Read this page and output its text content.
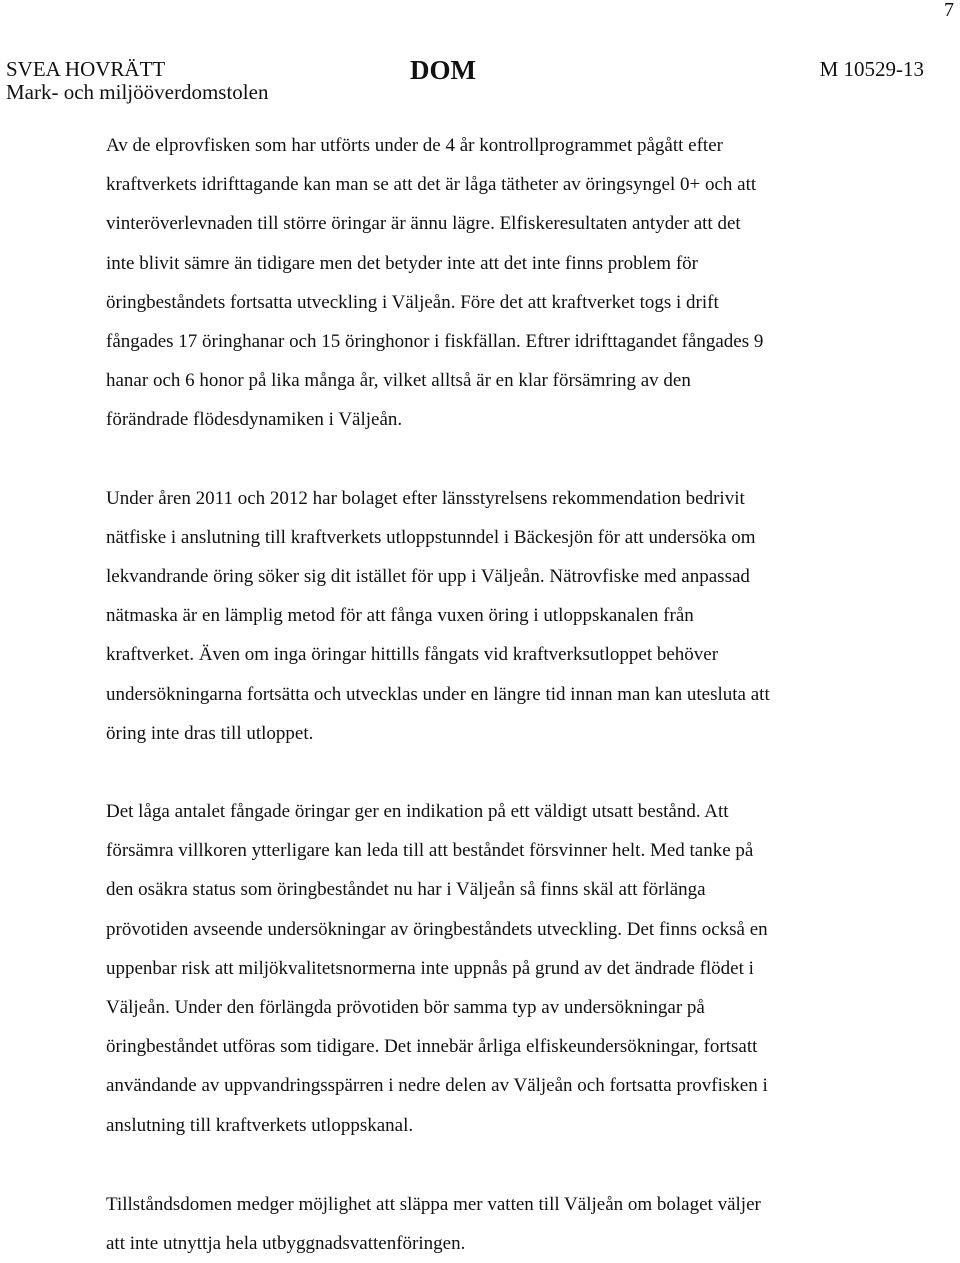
7
SVEA HOVRÄTT
Mark- och miljööverdomstolen
DOM	M 10529-13

Av de elprovfisken som har utförts under de 4 år kontrollprogrammet pågått efter
kraftverkets idrifttagande kan man se att det är låga tätheter av öringsyngel 0+ och att
vinteröverlevnaden till större öringar är ännu lägre. Elfiskeresultaten antyder att det
inte blivit sämre än tidigare men det betyder inte att det inte finns problem för
öringbeståndets fortsatta utveckling i Väljeån. Före det att kraftverket togs i drift
fångades 17 öringhanar och 15 öringhonor i fiskfällan. Eftrer idrifttagandet fångades 9
hanar och 6 honor på lika många år, vilket alltså är en klar försämring av den
förändrade flödesdynamiken i Väljeån.

Under åren 2011 och 2012 har bolaget efter länsstyrelsens rekommendation bedrivit
nätfiske i anslutning till kraftverkets utloppstunndel i Bäckesjön för att undersöka om
lekvandrande öring söker sig dit istället för upp i Väljeån. Nätrovfiske med anpassad
nätmaska är en lämplig metod för att fånga vuxen öring i utloppskanalen från
kraftverket. Även om inga öringar hittills fångats vid kraftverksutloppet behöver
undersökningarna fortsätta och utvecklas under en längre tid innan man kan utesluta att
öring inte dras till utloppet.

Det låga antalet fångade öringar ger en indikation på ett väldigt utsatt bestånd. Att
försämra villkoren ytterligare kan leda till att beståndet försvinner helt. Med tanke på
den osäkra status som öringbeståndet nu har i Väljeån så finns skäl att förlänga
prövotiden avseende undersökningar av öringbeståndets utveckling. Det finns också en
uppenbar risk att miljökvalitetsnormerna inte uppnås på grund av det ändrade flödet i
Väljeån. Under den förlängda prövotiden bör samma typ av undersökningar på
öringbeståndet utföras som tidigare. Det innebär årliga elfiskeundersökningar, fortsatt
användande av uppvandringsspärren i nedre delen av Väljeån och fortsatta provfisken i
anslutning till kraftverkets utloppskanal.

Tillståndsdomen medger möjlighet att släppa mer vatten till Väljeån om bolaget väljer
att inte utnyttja hela utbyggnadsvattenföringen.
